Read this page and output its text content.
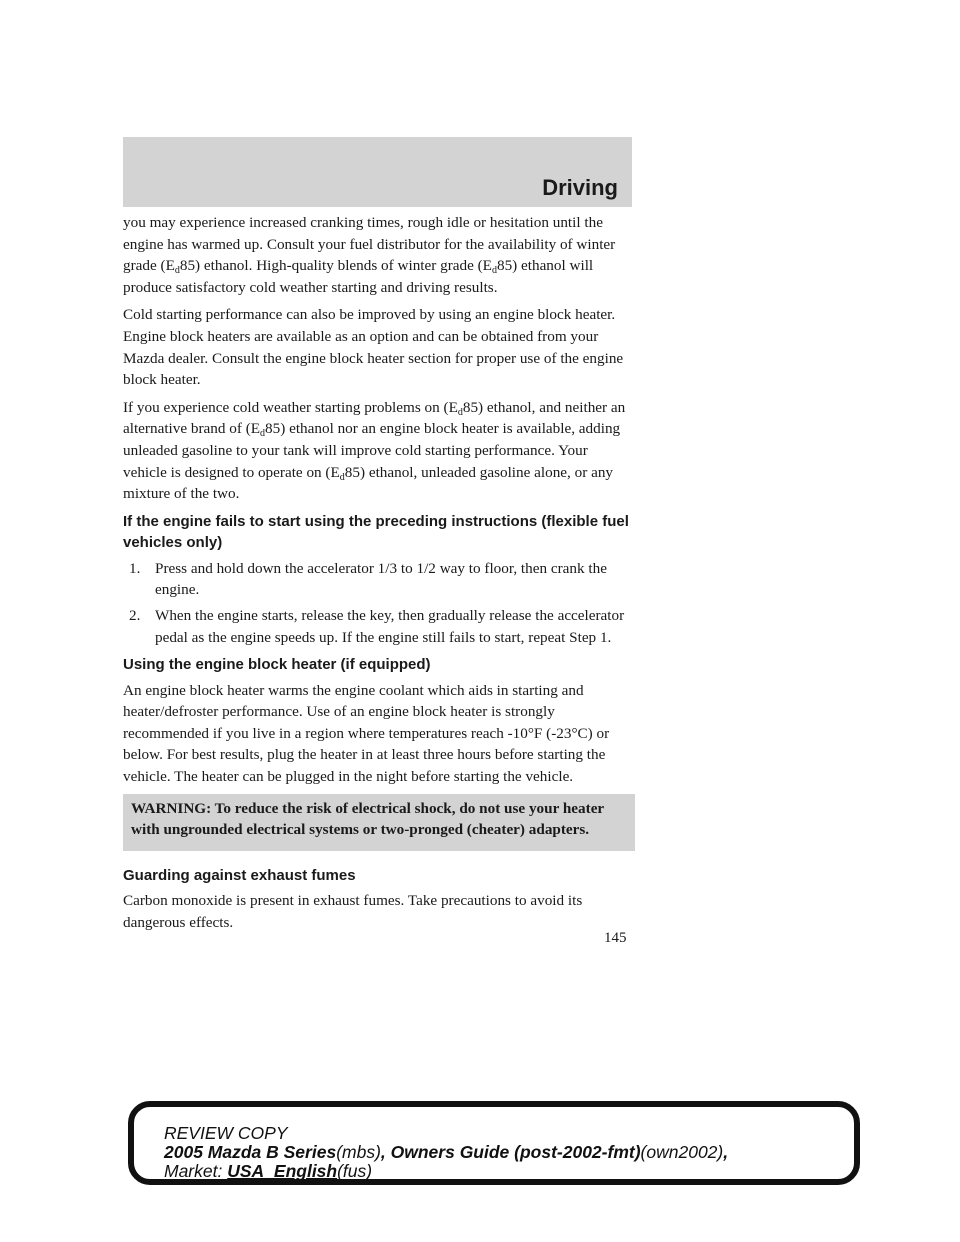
Driving

you may experience increased cranking times, rough idle or hesitation until the engine has warmed up. Consult your fuel distributor for the availability of winter grade $(E_d85)$ ethanol. High-quality blends of winter grade $(E_d85)$ ethanol will produce satisfactory cold weather starting and driving results.

Cold starting performance can also be improved by using an engine block heater. Engine block heaters are available as an option and can be obtained from your Mazda dealer. Consult the engine block heater section for proper use of the engine block heater.

If you experience cold weather starting problems on $(E_d85)$ ethanol, and neither an alternative brand of $(E_d85)$ ethanol nor an engine block heater is available, adding unleaded gasoline to your tank will improve cold starting performance. Your vehicle is designed to operate on $(E_d85)$ ethanol, unleaded gasoline alone, or any mixture of the two.

If the engine fails to start using the preceding instructions (flexible fuel vehicles only)
1. Press and hold down the accelerator 1/3 to 1/2 way to floor, then crank the engine.
2. When the engine starts, release the key, then gradually release the accelerator pedal as the engine speeds up. If the engine still fails to start, repeat Step 1.
Using the engine block heater (if equipped)

An engine block heater warms the engine coolant which aids in starting and heater/defroster performance. Use of an engine block heater is strongly recommended if you live in a region where temperatures reach -10°F (-23°C) or below. For best results, plug the heater in at least three hours before starting the vehicle. The heater can be plugged in the night before starting the vehicle.

WARNING: To reduce the risk of electrical shock, do not use your heater with ungrounded electrical systems or two-pronged (cheater) adapters.
Guarding against exhaust fumes

Carbon monoxide is present in exhaust fumes. Take precautions to avoid its dangerous effects.

145
REVIEW COPY
2005 Mazda B Series(mbs), Owners Guide (post-2002-fmt)(own2002),
Market: USA_English(fus)
